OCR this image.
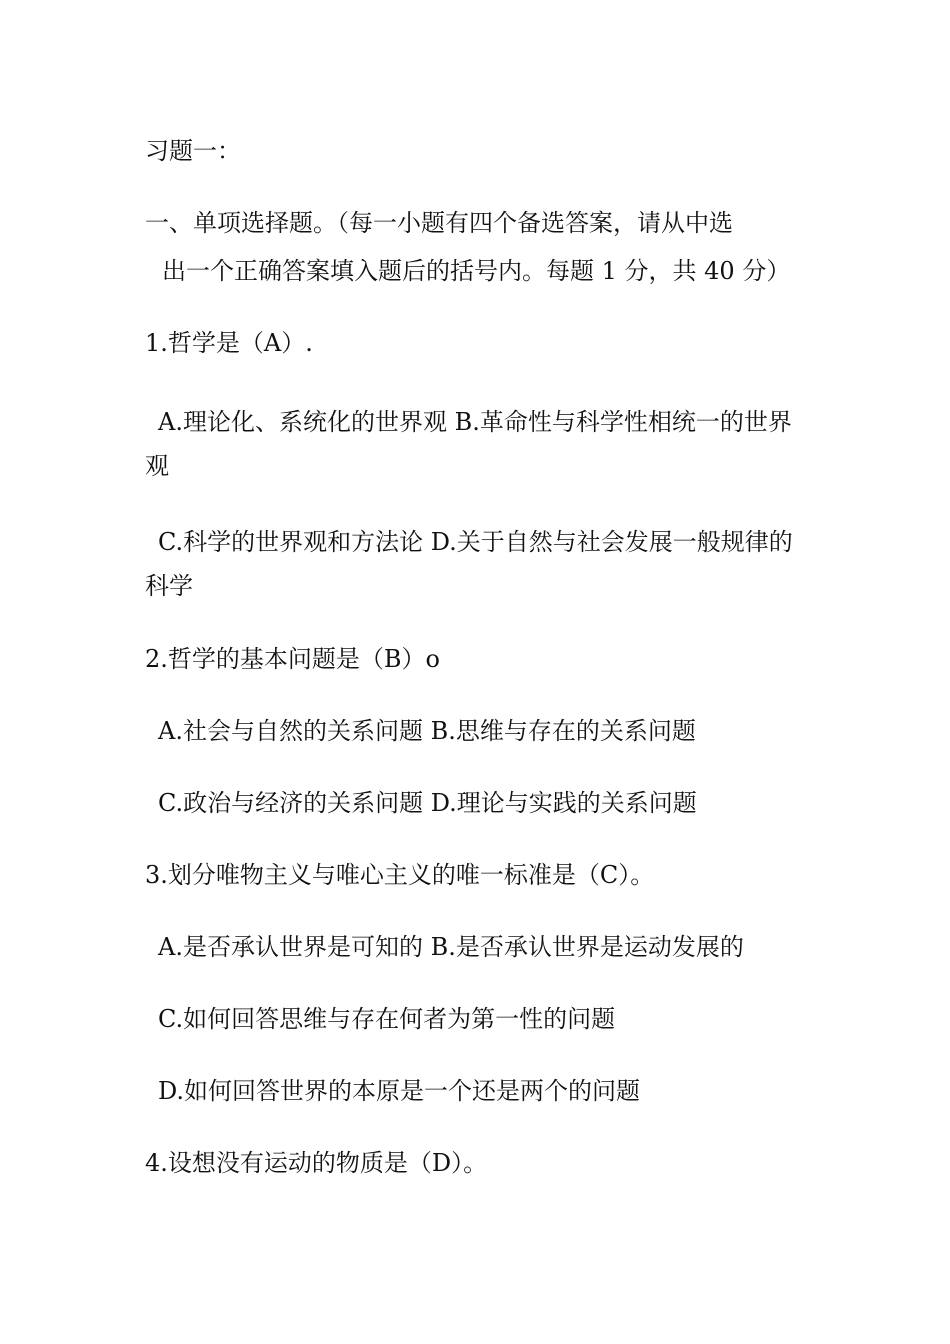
习题一：
一、单项选择题。（每一小题有四个备选答案，请从中选
出一个正确答案填入题后的括号内。每题 1 分，共 40 分）
1.哲学是（A）.
A.理论化、系统化的世界观 B.革命性与科学性相统一的世界观
C.科学的世界观和方法论 D.关于自然与社会发展一般规律的科学
2.哲学的基本问题是（B）o
A.社会与自然的关系问题 B.思维与存在的关系问题
C.政治与经济的关系问题 D.理论与实践的关系问题
3.划分唯物主义与唯心主义的唯一标准是（C）。
A.是否承认世界是可知的 B.是否承认世界是运动发展的
C.如何回答思维与存在何者为第一性的问题
D.如何回答世界的本原是一个还是两个的问题
4.设想没有运动的物质是（D）。
